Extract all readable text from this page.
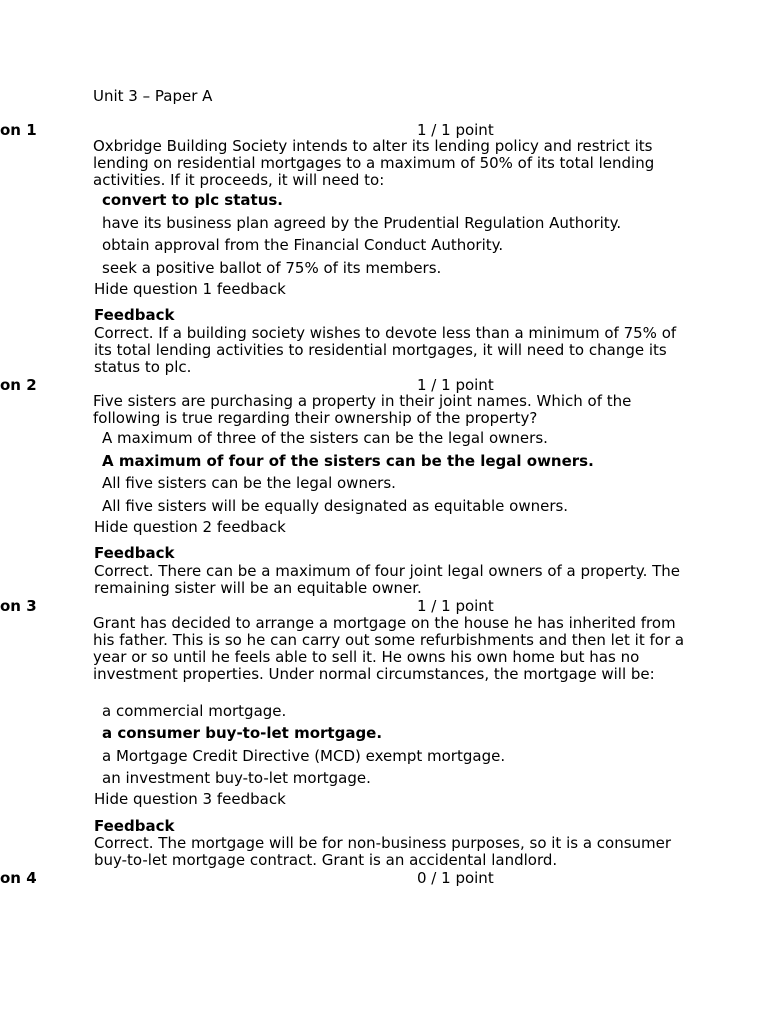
Unit 3 – Paper A
on 1	1 / 1 point
Oxbridge Building Society intends to alter its lending policy and restrict its lending on residential mortgages to a maximum of 50% of its total lending activities. If it proceeds, it will need to:
convert to plc status.
have its business plan agreed by the Prudential Regulation Authority.
obtain approval from the Financial Conduct Authority.
seek a positive ballot of 75% of its members.
Hide question 1 feedback
Feedback
Correct. If a building society wishes to devote less than a minimum of 75% of its total lending activities to residential mortgages, it will need to change its status to plc.
on 2	1 / 1 point
Five sisters are purchasing a property in their joint names. Which of the following is true regarding their ownership of the property?
A maximum of three of the sisters can be the legal owners.
A maximum of four of the sisters can be the legal owners.
All five sisters can be the legal owners.
All five sisters will be equally designated as equitable owners.
Hide question 2 feedback
Feedback
Correct. There can be a maximum of four joint legal owners of a property. The remaining sister will be an equitable owner.
on 3	1 / 1 point
Grant has decided to arrange a mortgage on the house he has inherited from his father. This is so he can carry out some refurbishments and then let it for a year or so until he feels able to sell it. He owns his own home but has no investment properties. Under normal circumstances, the mortgage will be:
a commercial mortgage.
a consumer buy-to-let mortgage.
a Mortgage Credit Directive (MCD) exempt mortgage.
an investment buy-to-let mortgage.
Hide question 3 feedback
Feedback
Correct. The mortgage will be for non-business purposes, so it is a consumer buy-to-let mortgage contract. Grant is an accidental landlord.
on 4	0 / 1 point
